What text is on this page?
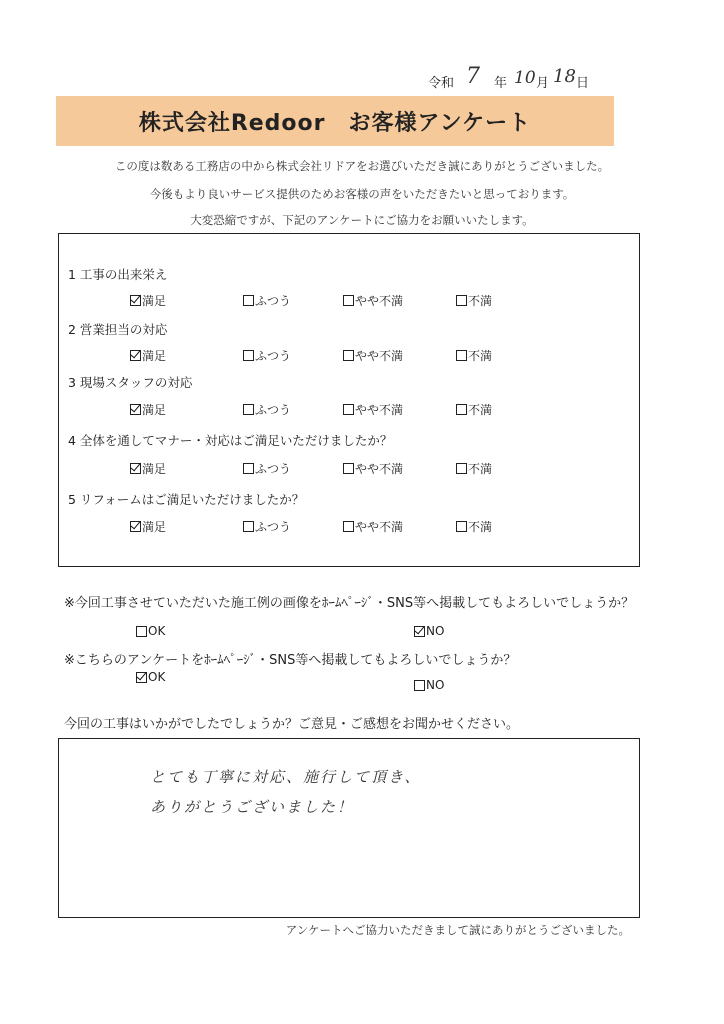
令和 7 年 10 月 18 日
株式会社Redoor　お客様アンケート
この度は数ある工務店の中から株式会社リドアをお選びいただき誠にありがとうございました。
今後もより良いサービス提供のためお客様の声をいただきたいと思っております。
大変恐縮ですが、下記のアンケートにご協力をお願いいたします。
1 工事の出来栄え
満足	ふつう	やや不満	不満
2 営業担当の対応
満足	ふつう	やや不満	不満
3 現場スタッフの対応
満足	ふつう	やや不満	不満
4 全体を通してマナー・対応はご満足いただけましたか？
満足	ふつう	やや不満	不満
5 リフォームはご満足いただけましたか？
満足	ふつう	やや不満	不満
※今回工事させていただいた施工例の画像をﾎｰﾑﾍﾟｰｼﾞ・SNS等へ掲載してもよろしいでしょうか？
OK	NO
※こちらのアンケートをﾎｰﾑﾍﾟｰｼﾞ・SNS等へ掲載してもよろしいでしょうか？
OK
NO
今回の工事はいかがでしたでしょうか？ご意見・ご感想をお聞かせください。
とても丁寧に対応、施行して頂き、
ありがとうございました！
アンケートへご協力いただきまして誠にありがとうございました。
